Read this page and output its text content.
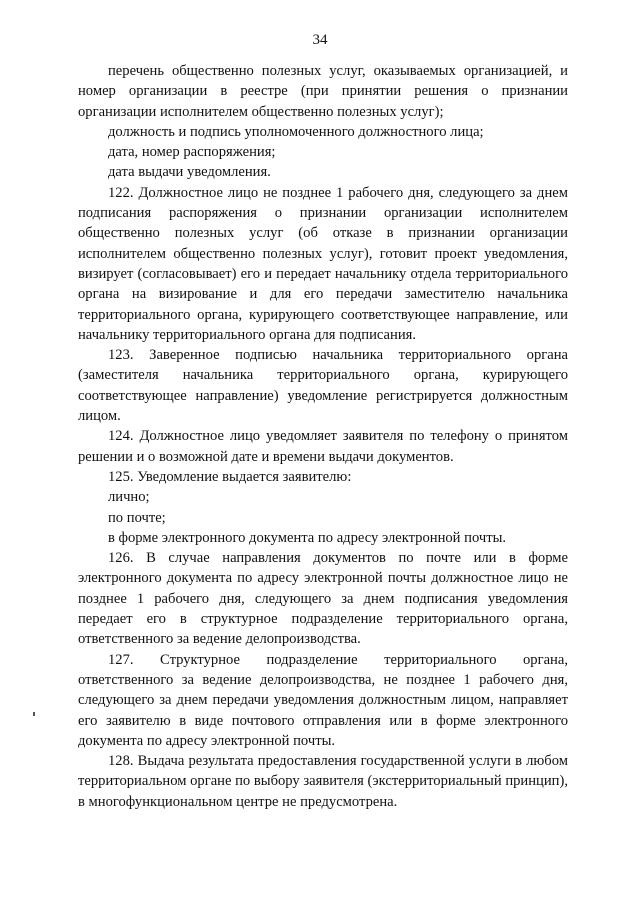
34

перечень общественно полезных услуг, оказываемых организацией, и номер организации в реестре (при принятии решения о признании организации исполнителем общественно полезных услуг);

должность и подпись уполномоченного должностного лица;

дата, номер распоряжения;

дата выдачи уведомления.

122. Должностное лицо не позднее 1 рабочего дня, следующего за днем подписания распоряжения о признании организации исполнителем общественно полезных услуг (об отказе в признании организации исполнителем общественно полезных услуг), готовит проект уведомления, визирует (согласовывает) его и передает начальнику отдела территориального органа на визирование и для его передачи заместителю начальника территориального органа, курирующего соответствующее направление, или начальнику территориального органа для подписания.

123. Заверенное подписью начальника территориального органа (заместителя начальника территориального органа, курирующего соответствующее направление) уведомление регистрируется должностным лицом.

124. Должностное лицо уведомляет заявителя по телефону о принятом решении и о возможной дате и времени выдачи документов.

125. Уведомление выдается заявителю:

лично;

по почте;

в форме электронного документа по адресу электронной почты.

126. В случае направления документов по почте или в форме электронного документа по адресу электронной почты должностное лицо не позднее 1 рабочего дня, следующего за днем подписания уведомления передает его в структурное подразделение территориального органа, ответственного за ведение делопроизводства.

127. Структурное подразделение территориального органа, ответственного за ведение делопроизводства, не позднее 1 рабочего дня, следующего за днем передачи уведомления должностным лицом, направляет его заявителю в виде почтового отправления или в форме электронного документа по адресу электронной почты.

128. Выдача результата предоставления государственной услуги в любом территориальном органе по выбору заявителя (экстерриториальный принцип), в многофункциональном центре не предусмотрена.
